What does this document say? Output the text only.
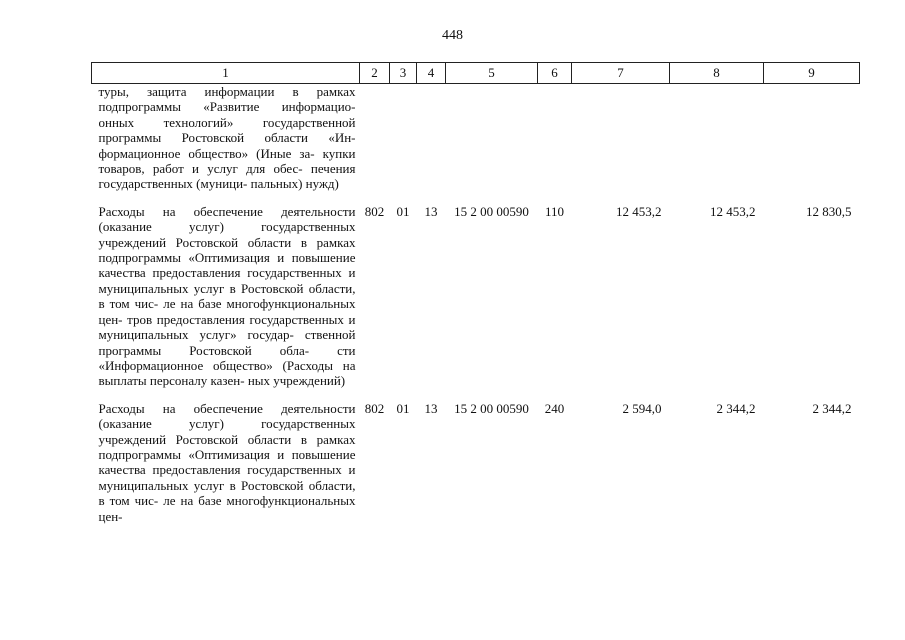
448
1	2	3	4	5	6	7	8	9
туры, защита информации в рамках подпрограммы «Развитие информацио- онных технологий» государственной программы Ростовской области «Ин- формационное общество» (Иные за- купки товаров, работ и услуг для обес- печения государственных (муници- пальных) нужд)								
Расходы на обеспечение деятельности (оказание услуг) государственных учреждений Ростовской области в рамках подпрограммы «Оптимизация и повышение качества предоставления государственных и муниципальных услуг в Ростовской области, в том чис- ле на базе многофункциональных цен- тров предоставления государственных и муниципальных услуг» государ- ственной программы Ростовской обла- сти «Информационное общество» (Расходы на выплаты персоналу казен- ных учреждений)	802	01	13	15 2 00 00590	110	12 453,2	12 453,2	12 830,5
Расходы на обеспечение деятельности (оказание услуг) государственных учреждений Ростовской области в рамках подпрограммы «Оптимизация и повышение качества предоставления государственных и муниципальных услуг в Ростовской области, в том чис- ле на базе многофункциональных цен-	802	01	13	15 2 00 00590	240	2 594,0	2 344,2	2 344,2
